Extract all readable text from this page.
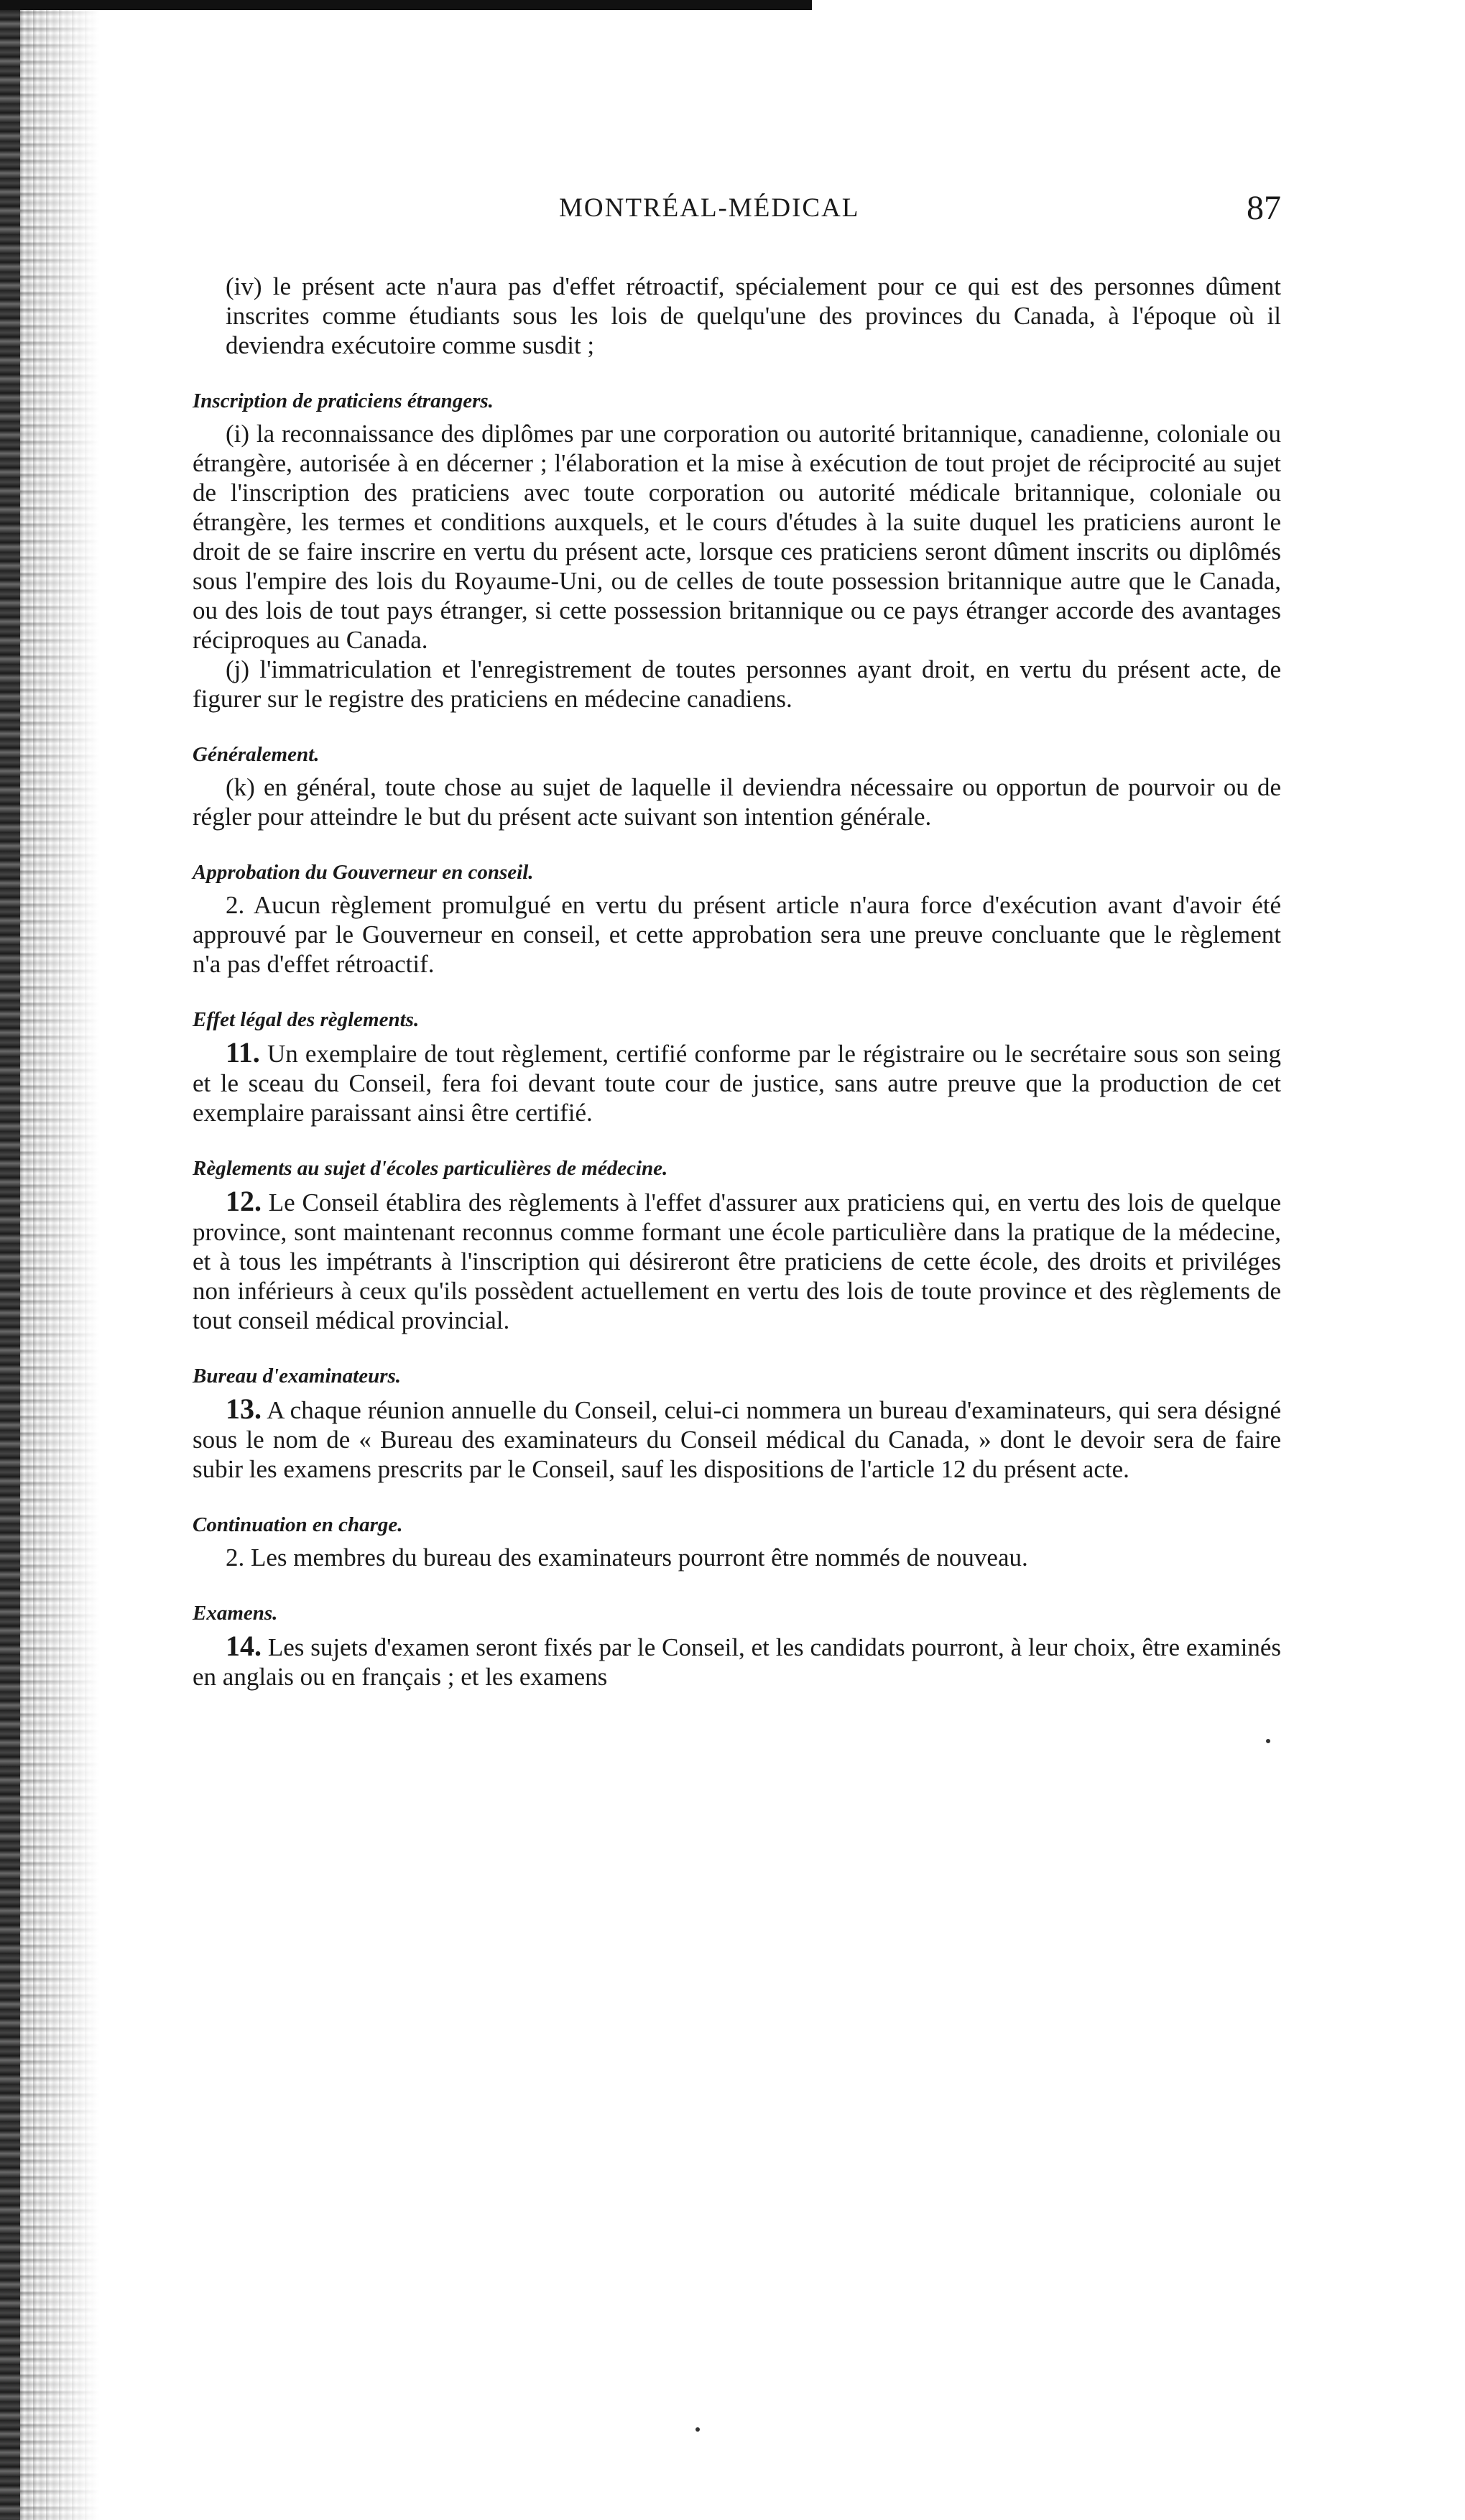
MONTRÉAL-MÉDICAL	87

(iv) le présent acte n'aura pas d'effet rétroactif, spécialement pour ce qui est des personnes dûment inscrites comme étudiants sous les lois de quelqu'une des provinces du Canada, à l'époque où il deviendra exécutoire comme susdit ;

Inscription de praticiens étrangers.

(i) la reconnaissance des diplômes par une corporation ou autorité britannique, canadienne, coloniale ou étrangère, autorisée à en décerner ; l'élaboration et la mise à exécution de tout projet de réciprocité au sujet de l'inscription des praticiens avec toute corporation ou autorité médicale britannique, coloniale ou étrangère, les termes et conditions auxquels, et le cours d'études à la suite duquel les praticiens auront le droit de se faire inscrire en vertu du présent acte, lorsque ces praticiens seront dûment inscrits ou diplômés sous l'empire des lois du Royaume-Uni, ou de celles de toute possession britannique autre que le Canada, ou des lois de tout pays étranger, si cette possession britannique ou ce pays étranger accorde des avantages réciproques au Canada.

(j) l'immatriculation et l'enregistrement de toutes personnes ayant droit, en vertu du présent acte, de figurer sur le registre des praticiens en médecine canadiens.

Généralement.

(k) en général, toute chose au sujet de laquelle il deviendra nécessaire ou opportun de pourvoir ou de régler pour atteindre le but du présent acte suivant son intention générale.

Approbation du Gouverneur en conseil.

2. Aucun règlement promulgué en vertu du présent article n'aura force d'exécution avant d'avoir été approuvé par le Gouverneur en conseil, et cette approbation sera une preuve concluante que le règlement n'a pas d'effet rétroactif.

Effet légal des règlements.

11. Un exemplaire de tout règlement, certifié conforme par le régistraire ou le secrétaire sous son seing et le sceau du Conseil, fera foi devant toute cour de justice, sans autre preuve que la production de cet exemplaire paraissant ainsi être certifié.

Règlements au sujet d'écoles particulières de médecine.

12. Le Conseil établira des règlements à l'effet d'assurer aux praticiens qui, en vertu des lois de quelque province, sont maintenant reconnus comme formant une école particulière dans la pratique de la médecine, et à tous les impétrants à l'inscription qui désireront être praticiens de cette école, des droits et priviléges non inférieurs à ceux qu'ils possèdent actuellement en vertu des lois de toute province et des règlements de tout conseil médical provincial.

Bureau d'examinateurs.

13. A chaque réunion annuelle du Conseil, celui-ci nommera un bureau d'examinateurs, qui sera désigné sous le nom de « Bureau des examinateurs du Conseil médical du Canada, » dont le devoir sera de faire subir les examens prescrits par le Conseil, sauf les dispositions de l'article 12 du présent acte.

Continuation en charge.

2. Les membres du bureau des examinateurs pourront être nommés de nouveau.

Examens.

14. Les sujets d'examen seront fixés par le Conseil, et les candidats pourront, à leur choix, être examinés en anglais ou en français ; et les examens
